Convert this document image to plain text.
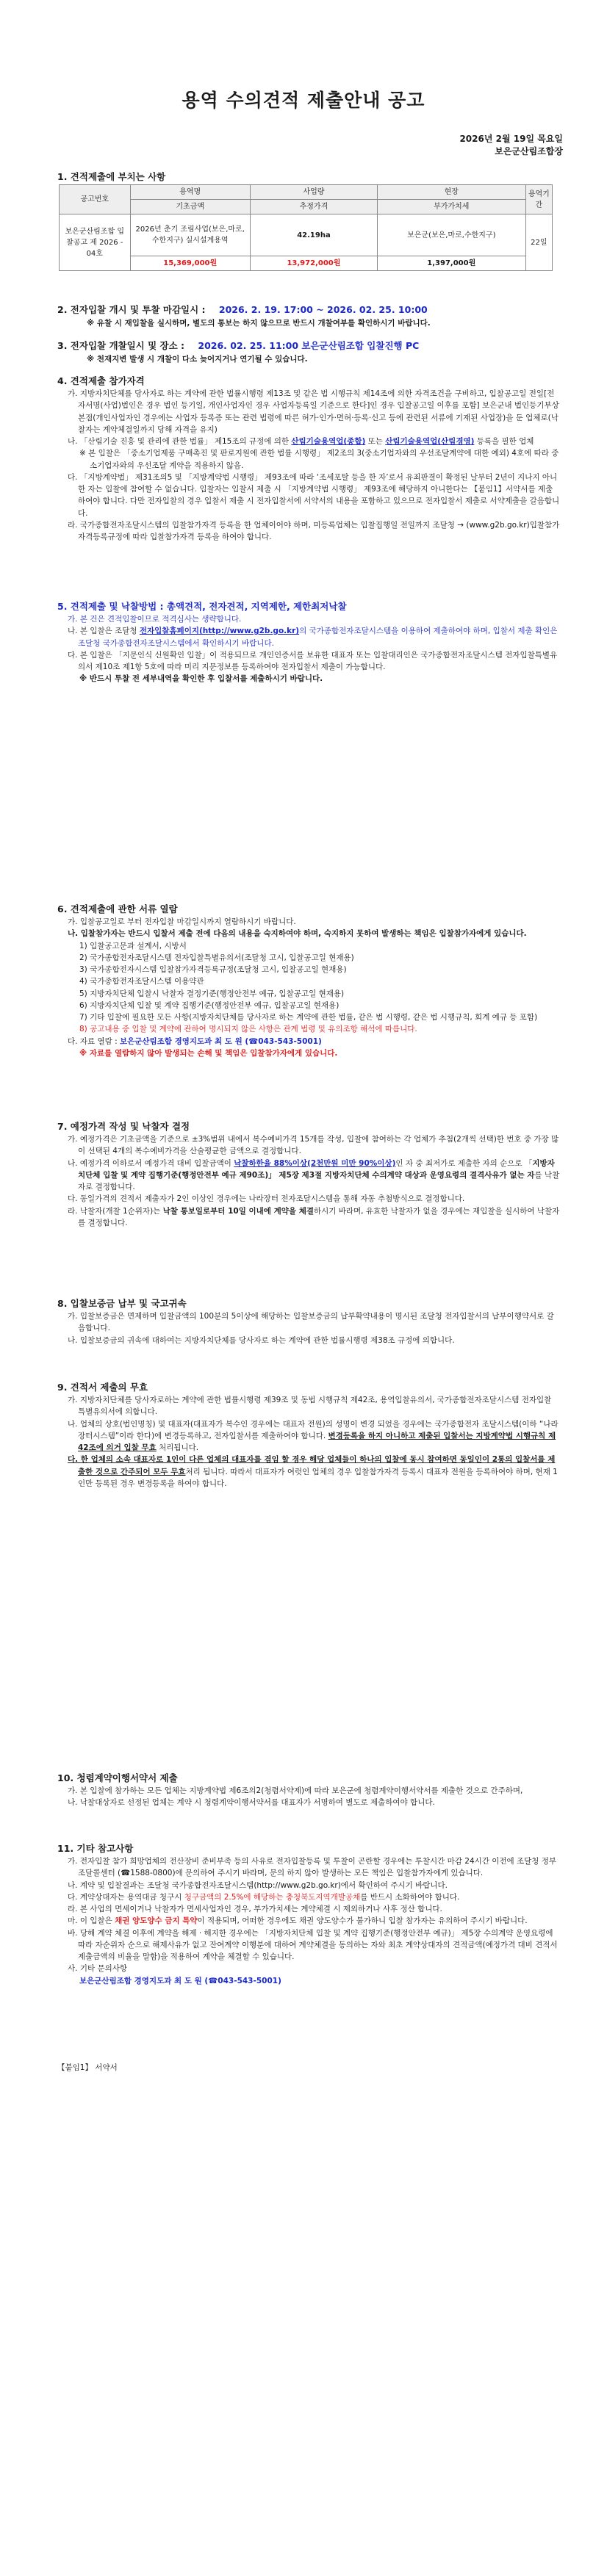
용역 수의견적 제출안내 공고
2026년 2월 19일 목요일
보은군산림조합장
1. 견적제출에 부치는 사항
공고번호	용역명	사업량	현장	용역기간
	기초금액	추정가격	부가가치세	
보은군산림조합 입찰공고 제 2026 - 04호	2026년 춘기 조림사업(보은,마로,수한지구) 실시설계용역	42.19ha	보은군(보은,마로,수한지구)	22일
	15,369,000원	13,972,000원	1,397,000원	
2. 전자입찰 개시 및 투찰 마감일시 : 2026. 2. 19. 17:00 ~ 2026. 02. 25. 10:00
※ 유찰 시 재입찰을 실시하며, 별도의 통보는 하지 않으므로 반드시 개찰여부를 확인하시기 바랍니다.
3. 전자입찰 개찰일시 및 장소 : 2026. 02. 25. 11:00 보은군산림조합 입찰진행 PC
※ 천재지변 발생 시 개찰이 다소 늦어지거나 연기될 수 있습니다.
4. 견적제출 참가자격
가. 지방자치단체를 당사자로 하는 계약에 관한 법률시행령 제13조 및 같은 법 시행규칙 제14조에 의한 자격조건을 구비하고, 입찰공고일 전일[전자서명(사업)법인은 경우 법인 등기일, 개인사업자인 경우 사업자등록일 기준으로 한다]인 경우 입찰공고일 이후를 포함] 보은군내 법인등기부상 본점(개인사업자인 경우에는 사업자 등록증 또는 관련 법령에 따른 허가·인가·면허·등록·신고 등에 관련된 서류에 기재된 사업장)을 둔 업체로(낙찰자는 계약체결일까지 당해 자격을 유지)
나. 「산림기술 진흥 및 관리에 관한 법률」 제15조의 규정에 의한 산림기술용역업(종합) 또는 산림기술용역업(산림경영) 등록을 필한 업체
※ 본 입찰은 「중소기업제품 구매촉진 및 판로지원에 관한 법률 시행령」 제2조의 3(중소기업자와의 우선조달계약에 대한 예외) 4호에 따라 중소기업자와의 우선조달 계약을 적용하지 않음.
다. 「지방계약법」 제31조의5 및 「지방계약법 시행령」 제93조에 따라 ‘조세포탈 등을 한 자’로서 유죄판결이 확정된 날부터 2년이 지나지 아니한 자는 입찰에 참여할 수 없습니다. 입찰자는 입찰서 제출 시 「지방계약법 시행령」 제93조에 해당하지 아니한다는 【붙임1】서약서를 제출하여야 합니다. 다만 전자입찰의 경우 입찰서 제출 시 전자입찰서에 서약서의 내용을 포함하고 있으므로 전자입찰서 제출로 서약제출을 갈음합니다.
라. 국가종합전자조달시스템의 입찰참가자격 등록을 한 업체이어야 하며, 미등록업체는 입찰집행일 전일까지 조달청 → (www.g2b.go.kr)입찰참가자격등록규정에 따라 입찰참가자격 등록을 하여야 합니다.
5. 견적제출 및 낙찰방법 : 총액견적, 전자견적, 지역제한, 제한최저낙찰
가. 본 건은 견적입찰이므로 적격심사는 생략합니다.
나. 본 입찰은 조달청 전자입찰홈페이지(http://www.g2b.go.kr)의 국가종합전자조달시스템을 이용하여 제출하여야 하며, 입찰서 제출 확인은 조달청 국가종합전자조달시스템에서 확인하시기 바랍니다.
다. 본 입찰은 「지문인식 신원확인 입찰」이 적용되므로 개인인증서를 보유한 대표자 또는 입찰대리인은 국가종합전자조달시스템 전자입찰특별유의서 제10조 제1항 5호에 따라 미리 지문정보를 등록하여야 전자입찰서 제출이 가능합니다.
※ 반드시 투찰 전 세부내역을 확인한 후 입찰서를 제출하시기 바랍니다.
6. 견적제출에 관한 서류 열람
가. 입찰공고일로 부터 전자입찰 마감일시까지 열람하시기 바랍니다.
나. 입찰참가자는 반드시 입찰서 제출 전에 다음의 내용을 숙지하여야 하며, 숙지하지 못하여 발생하는 책임은 입찰참가자에게 있습니다.
1) 입찰공고문과 설계서, 시방서
2) 국가종합전자조달시스템 전자입찰특별유의서(조달청 고시, 입찰공고일 현재용)
3) 국가종합전자시스템 입찰참가자격등록규정(조달청 고시, 입찰공고일 현재용)
4) 국가종합전자조달시스템 이용약관
5) 지방자치단체 입찰시 낙찰자 결정기준(행정안전부 예규, 입찰공고일 현재용)
6) 지방자치단체 입찰 및 계약 집행기준(행정안전부 예규, 입찰공고일 현재용)
7) 기타 입찰에 필요한 모든 사항(지방자치단체를 당사자로 하는 계약에 관한 법률, 같은 법 시행령, 같은 법 시행규칙, 회계 예규 등 포함)
8) 공고내용 중 입찰 및 계약에 관하여 명시되지 않은 사항은 관계 법령 및 유의조항 해석에 따릅니다.
다. 자료 열람 : 보은군산림조합 경영지도과 최 도 원 (☎043-543-5001)
※ 자료를 열람하지 않아 발생되는 손해 및 책임은 입찰참가자에게 있습니다.
7. 예정가격 작성 및 낙찰자 결정
가. 예정가격은 기초금액을 기준으로 ±3%범위 내에서 복수예비가격 15개를 작성, 입찰에 참여하는 각 업체가 추첨(2개씩 선택)한 번호 중 가장 많이 선택된 4개의 복수예비가격을 산술평균한 금액으로 결정합니다.
나. 예정가격 이하로서 예정가격 대비 입찰금액이 낙찰하한율 88%이상(2천만원 미만 90%이상)인 자 중 최저가로 제출한 자의 순으로 「지방자치단체 입찰 및 계약 집행기준(행정안전부 예규 제90조)」 제5장 제3절 지방자치단체 수의계약 대상과 운영요령의 결격사유가 없는 자를 낙찰자로 결정합니다.
다. 동일가격의 견적서 제출자가 2인 이상인 경우에는 나라장터 전자조달시스템을 통해 자동 추첨방식으로 결정합니다.
라. 낙찰자(개찰 1순위자)는 낙찰 통보일로부터 10일 이내에 계약을 체결하시기 바라며, 유효한 낙찰자가 없을 경우에는 재입찰을 실시하여 낙찰자를 결정합니다.
8. 입찰보증금 납부 및 국고귀속
가. 입찰보증금은 면제하며 입찰금액의 100분의 5이상에 해당하는 입찰보증금의 납부확약내용이 명시된 조달청 전자입찰서의 납부이행약서로 갈음합니다.
나. 입찰보증금의 귀속에 대하여는 지방자치단체를 당사자로 하는 계약에 관한 법률시행령 제38조 규정에 의합니다.
9. 견적서 제출의 무효
가. 지방자치단체를 당사자로하는 계약에 관한 법률시행령 제39조 및 동법 시행규칙 제42조, 용역입찰유의서, 국가종합전자조달시스템 전자입찰 특별유의서에 의합니다.
나. 업체의 상호(법인명칭) 및 대표자(대표자가 복수인 경우에는 대표자 전원)의 성명이 변경 되었을 경우에는 국가종합전자 조달시스템(이하 “나라장터시스템”이라 한다)에 변경등록하고, 전자입찰서를 제출하여야 합니다. 변경등록을 하지 아니하고 제출된 입찰서는 지방계약법 시행규칙 제42조에 의거 입찰 무효 처리됩니다.
다. 한 업체의 소속 대표자로 1인이 다른 업체의 대표자를 겸임 할 경우 해당 업체들이 하나의 입찰에 동시 참여하면 동일인이 2통의 입찰서를 제출한 것으로 간주되어 모두 무효처리 됩니다. 따라서 대표자가 여럿인 업체의 경우 입찰참가자격 등록시 대표자 전원을 등록하여야 하며, 현재 1인만 등록된 경우 변경등록을 하여야 합니다.
10. 청렴계약이행서약서 제출
가. 본 입찰에 참가하는 모든 업체는 지방계약법 제6조의2(청렴서약제)에 따라 보은군에 청렴계약이행서약서를 제출한 것으로 간주하며,
나. 낙찰대상자로 선정된 업체는 계약 시 청렴계약이행서약서를 대표자가 서명하여 별도로 제출하여야 합니다.
11. 기타 참고사항
가. 전자입찰 참가 희망업체의 전산장비 준비부족 등의 사유로 전자입찰등록 및 투찰이 곤란할 경우에는 투찰시간 마감 24시간 이전에 조달청 정부조달콜센터 (☎1588-0800)에 문의하여 주시기 바라며, 문의 하지 않아 발생하는 모든 책임은 입찰참가자에게 있습니다.
나. 계약 및 입찰결과는 조달청 국가종합전자조달시스템(http://www.g2b.go.kr)에서 확인하여 주시기 바랍니다.
다. 계약상대자는 용역대금 청구시 청구금액의 2.5%에 해당하는 충청북도지역개발공채를 반드시 소화하여야 합니다.
라. 본 사업의 면세이거나 낙찰자가 면세사업자인 경우, 부가가치세는 계약체결 시 제외하거나 사후 정산 합니다.
마. 이 입찰은 채권 양도양수 금지 특약이 적용되며, 어떠한 경우에도 채권 양도양수가 불가하니 입찰 참가자는 유의하여 주시기 바랍니다.
바. 당해 계약 체결 이후에 계약을 해제 · 해지한 경우에는 「지방자치단체 입찰 및 계약 집행기준(행정안전부 예규)」 제5장 수의계약 운영요령에 따라 자순위자 순으로 해제사유가 없고 잔여계약 이행분에 대하여 계약체결을 동의하는 자와 최초 계약상대자의 견적금액(예정가격 대비 견적서 제출금액의 비율을 말함)을 적용하여 계약을 체결할 수 있습니다.
사. 기타 문의사항
보은군산림조합 경영지도과 최 도 원 (☎043-543-5001)
【붙임1】 서약서
